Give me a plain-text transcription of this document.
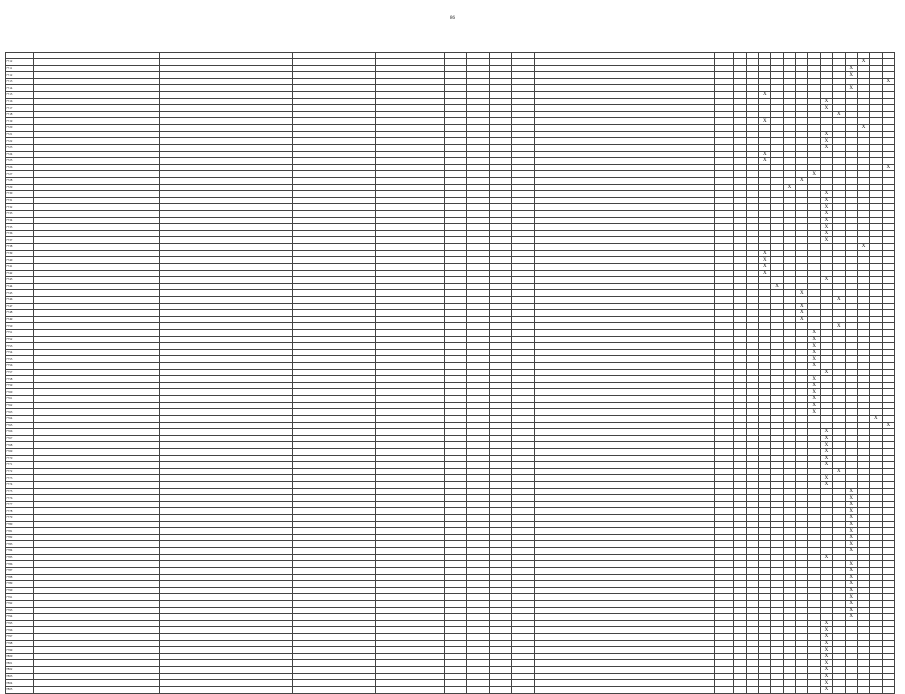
86

7712																					X		
7711																				X			
7712																				X			
7713																							X
7714																				X			
7715													X										
7716																		X					
7717																		X					
7718																			X				
7719													X										
7720																					X		
7721																		X					
7722																		X					
7723																		X					
7724													X										
7725													X										
7726																							X
7727																	X						
7728																X							
7729															X								
7730																		X					
7731																		X					
7732																		X					
7733																		X					
7734																		X					
7735																		X					
7736																		X					
7737																		X					
7738																					X		
7739													X										
7740													X										
7741													X										
7742													X										
7743																		X					
7744														X									
7745																X							
7746																			X				
7747																X							
7748																X							
7749																X							
7750																			X				
7751																	X						
7752																	X						
7753																	X						
7754																	X						
7755																	X						
7756																	X						
7757																		X					
7758																	X						
7759																	X						
7760																	X						
7761																	X						
7762																	X						
7763																	X						
7764																						X	
7765																							X
7766																		X					
7767																		X					
7768																		X					
7769																		X					
7770																		X					
7771																		X					
7772																			X				
7773																		X					
7774																		X					
7775																				X			
7776																				X			
7777																				X			
7778																				X			
7779																				X			
7780																				X			
7781																				X			
7782																				X			
7783																				X			
7784																				X			
7785																		X					
7786																				X			
7787																				X			
7788																				X			
7789																				X			
7790																				X			
7791																				X			
7792																				X			
7793																				X			
7794																				X			
7795																		X					
7796																		X					
7797																		X					
7798																		X					
7799																		X					
7800																		X					
7801																		X					
7802																		X					
7803																		X					
7804																		X					
7805																		X					
